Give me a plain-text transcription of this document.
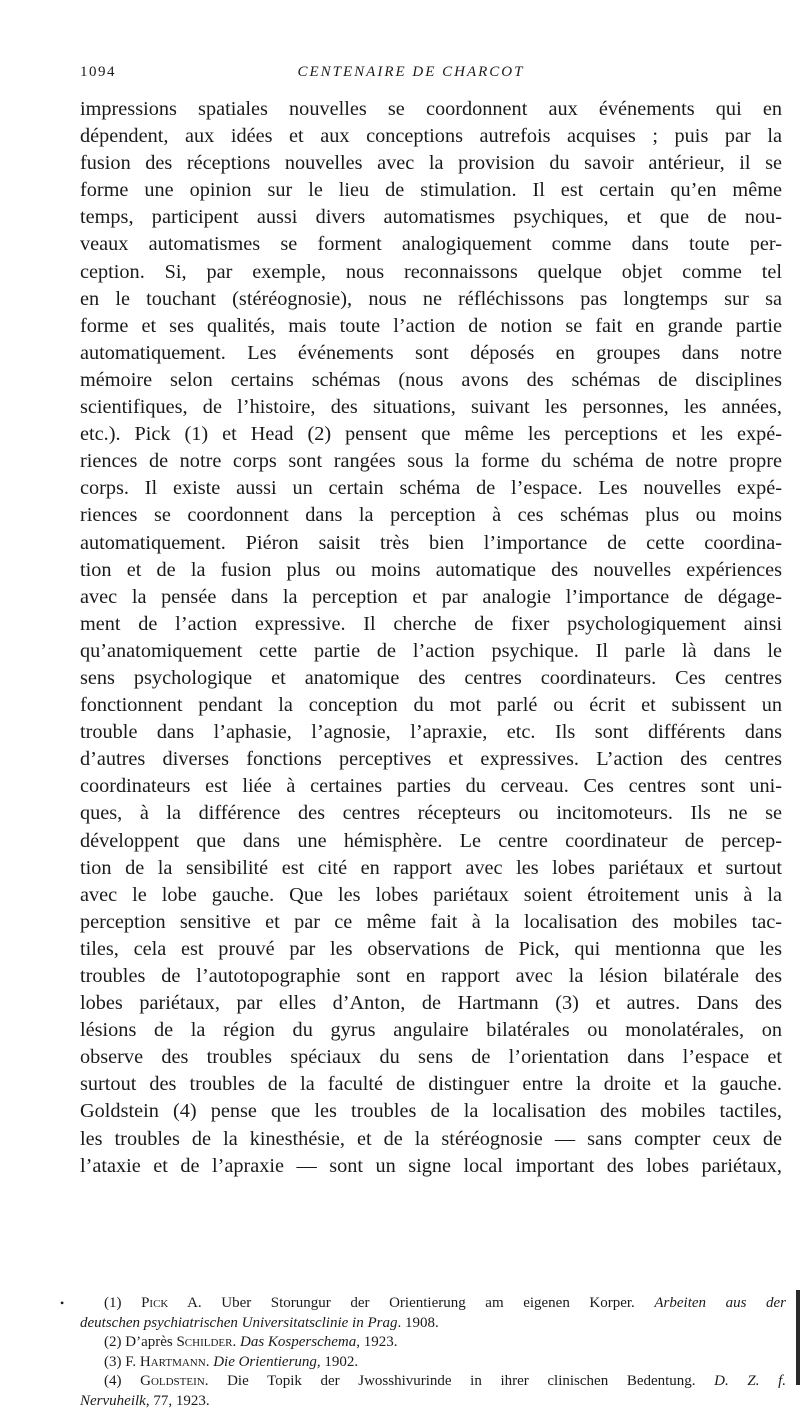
1094	CENTENAIRE DE CHARCOT
impressions spatiales nouvelles se coordonnent aux événements qui en
dépendent, aux idées et aux conceptions autrefois acquises ; puis par la
fusion des réceptions nouvelles avec la provision du savoir antérieur, il se
forme une opinion sur le lieu de stimulation. Il est certain qu’en même
temps, participent aussi divers automatismes psychiques, et que de nou-
veaux automatismes se forment analogiquement comme dans toute per-
ception. Si, par exemple, nous reconnaissons quelque objet comme tel
en le touchant (stéréognosie), nous ne réfléchissons pas longtemps sur sa
forme et ses qualités, mais toute l’action de notion se fait en grande partie
automatiquement. Les événements sont déposés en groupes dans notre
mémoire selon certains schémas (nous avons des schémas de disciplines
scientifiques, de l’histoire, des situations, suivant les personnes, les années,
etc.). Pick (1) et Head (2) pensent que même les perceptions et les expé-
riences de notre corps sont rangées sous la forme du schéma de notre propre
corps. Il existe aussi un certain schéma de l’espace. Les nouvelles expé-
riences se coordonnent dans la perception à ces schémas plus ou moins
automatiquement. Piéron saisit très bien l’importance de cette coordina-
tion et de la fusion plus ou moins automatique des nouvelles expériences
avec la pensée dans la perception et par analogie l’importance de dégage-
ment de l’action expressive. Il cherche de fixer psychologiquement ainsi
qu’anatomiquement cette partie de l’action psychique. Il parle là dans le
sens psychologique et anatomique des centres coordinateurs. Ces centres
fonctionnent pendant la conception du mot parlé ou écrit et subissent un
trouble dans l’aphasie, l’agnosie, l’apraxie, etc. Ils sont différents dans
d’autres diverses fonctions perceptives et expressives. L’action des centres
coordinateurs est liée à certaines parties du cerveau. Ces centres sont uni-
ques, à la différence des centres récepteurs ou incitomoteurs. Ils ne se
développent que dans une hémisphère. Le centre coordinateur de percep-
tion de la sensibilité est cité en rapport avec les lobes pariétaux et surtout
avec le lobe gauche. Que les lobes pariétaux soient étroitement unis à la
perception sensitive et par ce même fait à la localisation des mobiles tac-
tiles, cela est prouvé par les observations de Pick, qui mentionna que les
troubles de l’autotopographie sont en rapport avec la lésion bilatérale des
lobes pariétaux, par elles d’Anton, de Hartmann (3) et autres. Dans des
lésions de la région du gyrus angulaire bilatérales ou monolatérales, on
observe des troubles spéciaux du sens de l’orientation dans l’espace et
surtout des troubles de la faculté de distinguer entre la droite et la gauche.
Goldstein (4) pense que les troubles de la localisation des mobiles tactiles,
les troubles de la kinesthésie, et de la stéréognosie — sans compter ceux de
l’ataxie et de l’apraxie — sont un signe local important des lobes pariétaux,
•	(1) Pick A. Uber Storungur der Orientierung am eigenen Korper. Arbeiten aus der
deutschen psychiatrischen Universitatsclinie in Prag. 1908.
(2) D’après Schilder. Das Kosperschema, 1923.
(3) F. Hartmann. Die Orientierung, 1902.
(4) Goldstein. Die Topik der Jwosshivurinde in ihrer clinischen Bedentung. D. Z. f.
Nervuheilk, 77, 1923.
